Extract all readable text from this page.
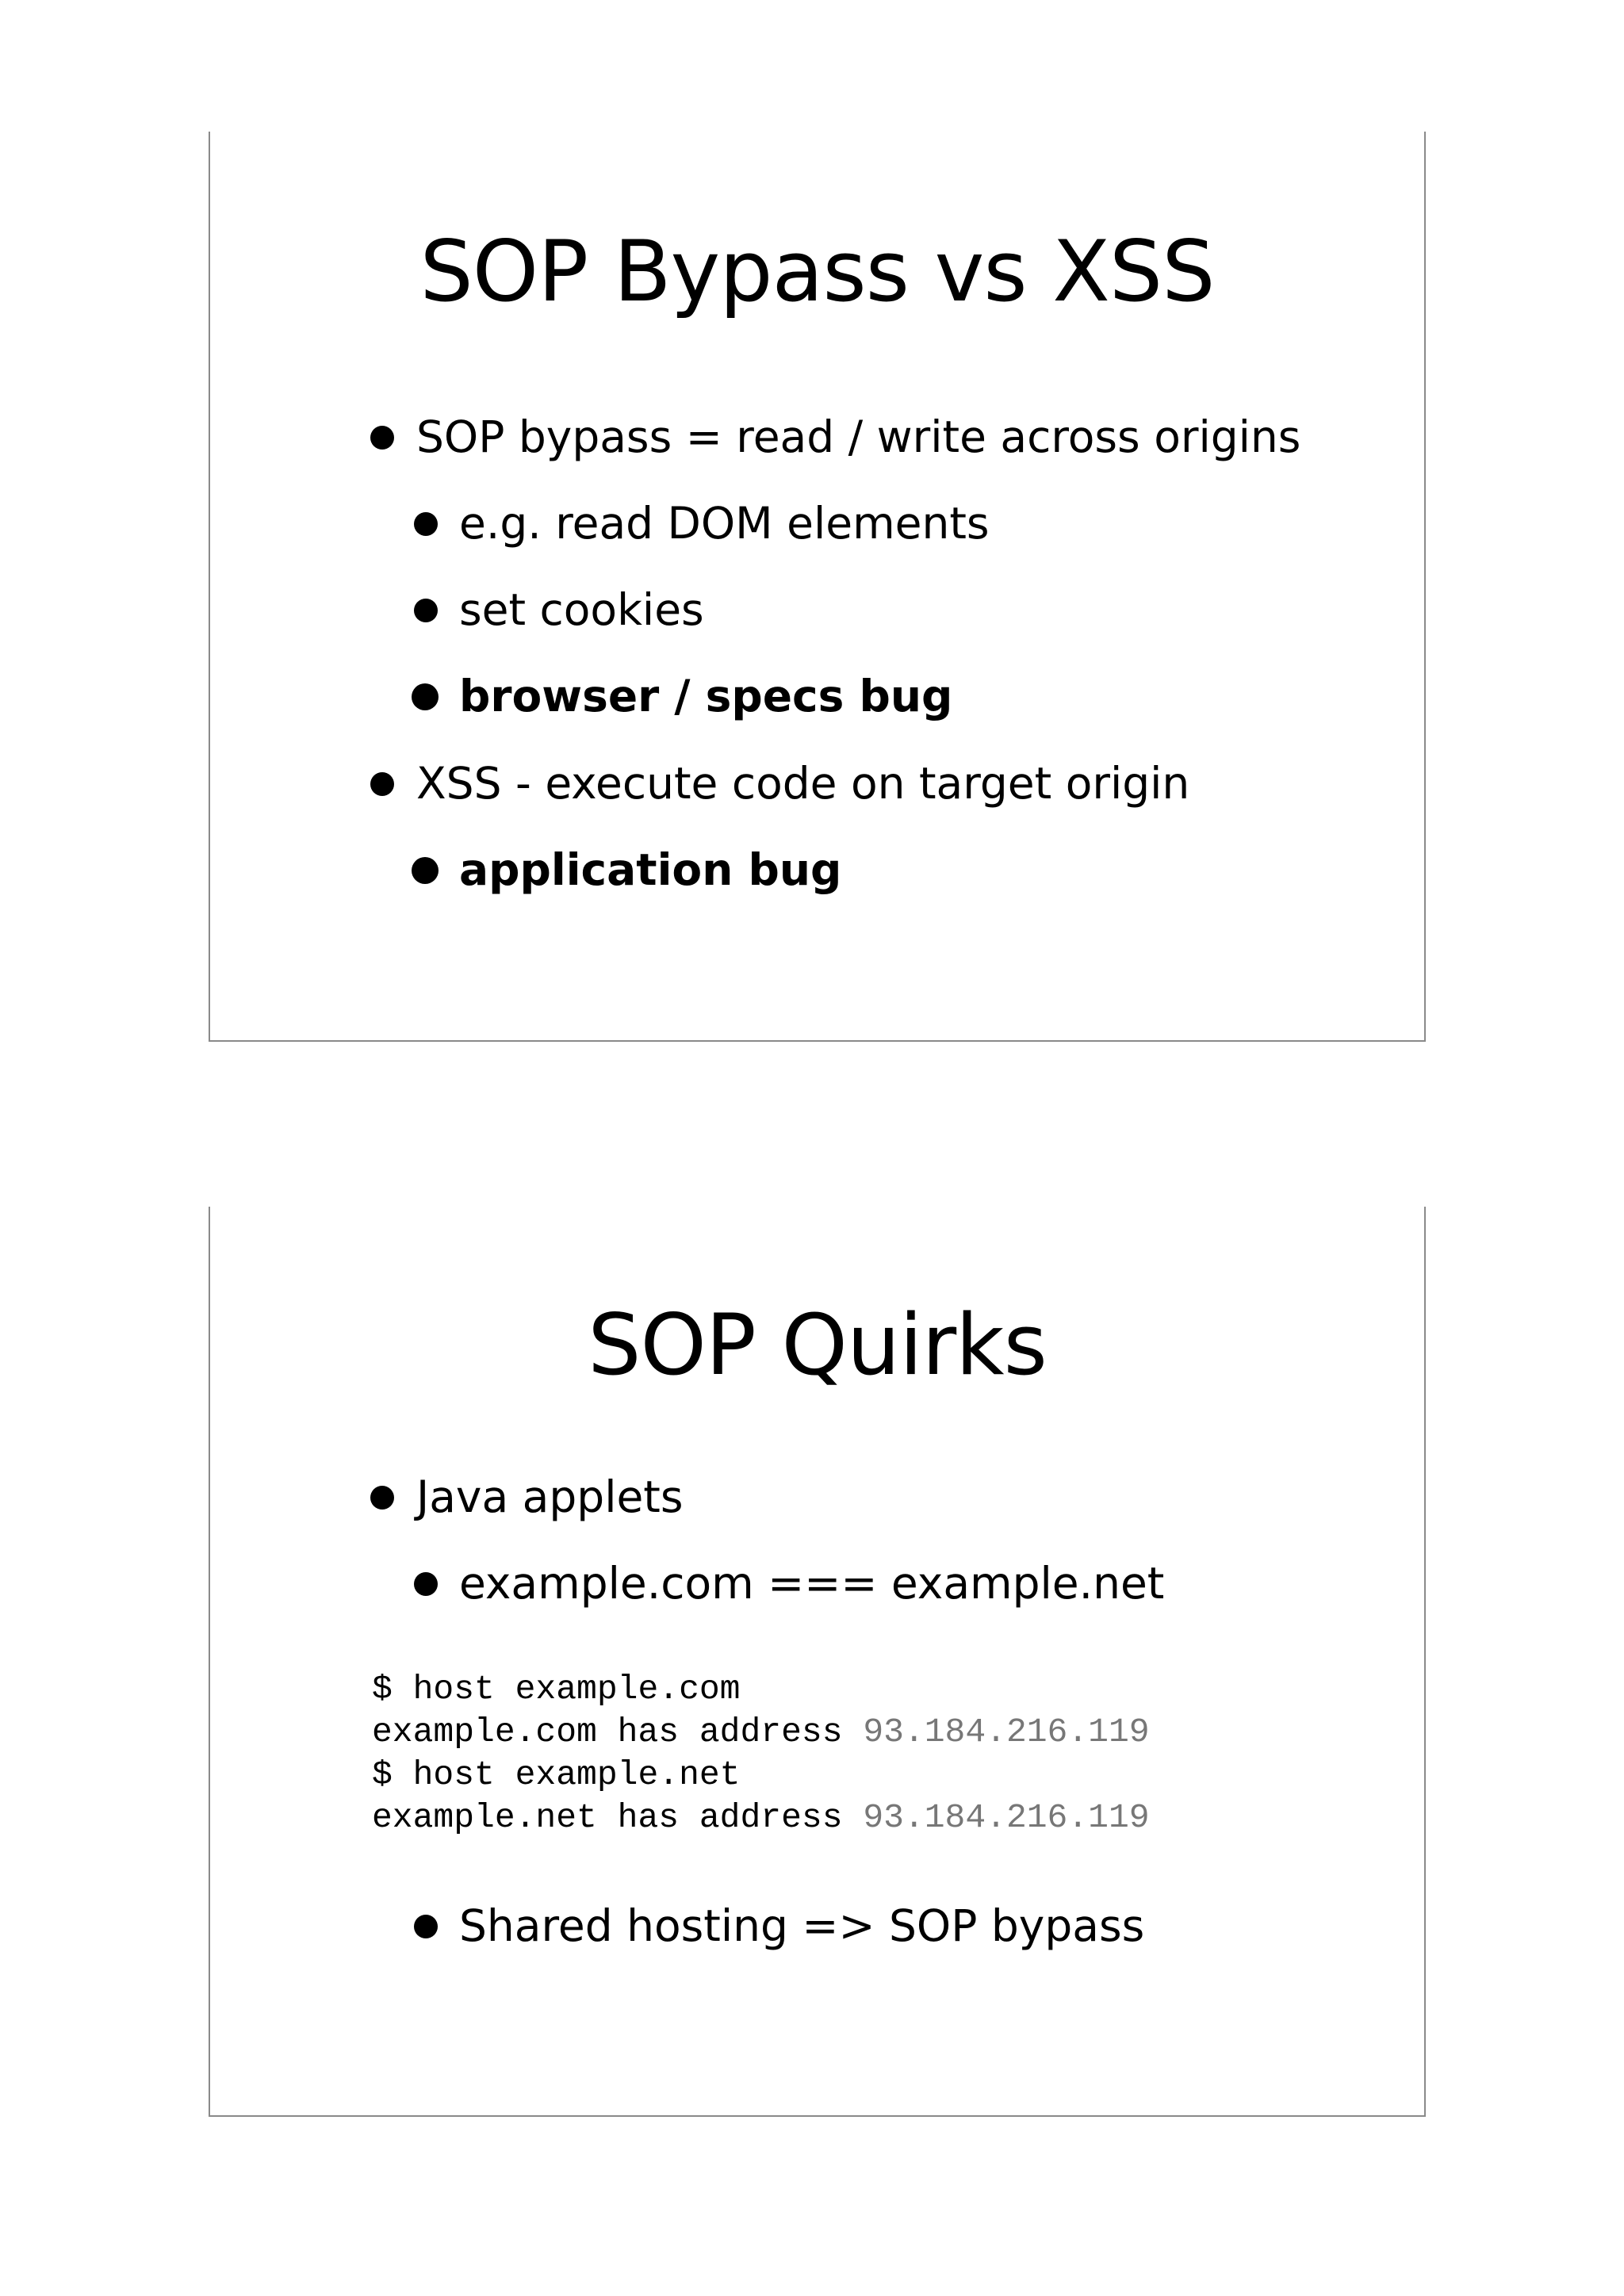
SOP Bypass vs XSS
SOP bypass = read / write across origins
e.g. read DOM elements
set cookies
browser / specs bug
XSS - execute code on target origin
application bug
SOP Quirks
Java applets
example.com === example.net
$ host example.com
example.com has address 93.184.216.119
$ host example.net
example.net has address 93.184.216.119
Shared hosting => SOP bypass
